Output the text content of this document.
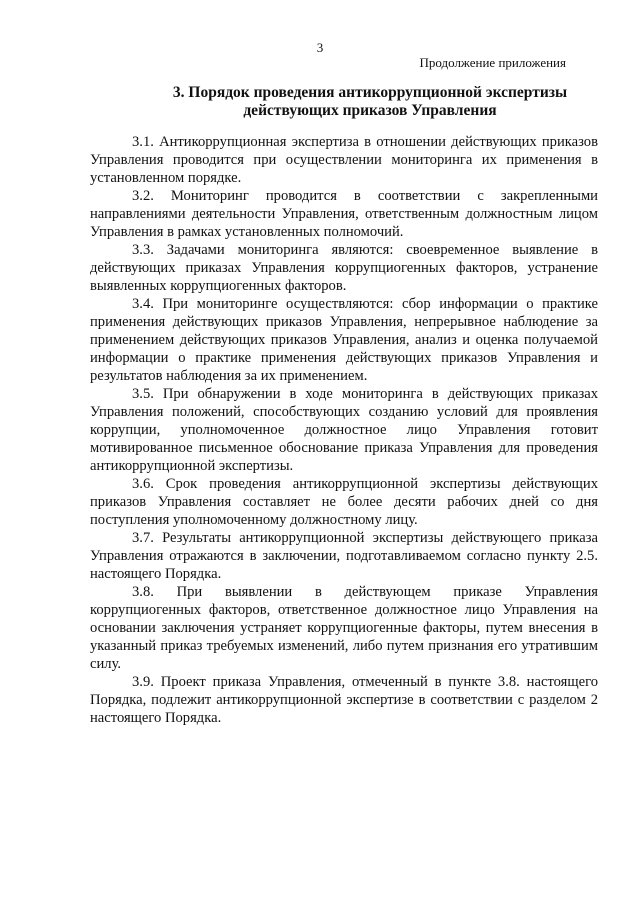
3
Продолжение приложения
3. Порядок проведения антикоррупционной экспертизы
действующих приказов Управления

3.1. Антикоррупционная экспертиза в отношении действующих приказов Управления проводится при осуществлении мониторинга их применения в установленном порядке.

3.2. Мониторинг проводится в соответствии с закрепленными направлениями деятельности Управления, ответственным должностным лицом Управления в рамках установленных полномочий.

3.3. Задачами мониторинга являются: своевременное выявление в действующих приказах Управления коррупциогенных факторов, устранение выявленных коррупциогенных факторов.

3.4. При мониторинге осуществляются: сбор информации о практике применения действующих приказов Управления, непрерывное наблюдение за применением действующих приказов Управления, анализ и оценка получаемой информации о практике применения действующих приказов Управления и результатов наблюдения за их применением.

3.5. При обнаружении в ходе мониторинга в действующих приказах Управления положений, способствующих созданию условий для проявления коррупции, уполномоченное должностное лицо Управления готовит мотивированное письменное обоснование приказа Управления для проведения антикоррупционной экспертизы.

3.6. Срок проведения антикоррупционной экспертизы действующих приказов Управления составляет не более десяти рабочих дней со дня поступления уполномоченному должностному лицу.

3.7. Результаты антикоррупционной экспертизы действующего приказа Управления отражаются в заключении, подготавливаемом согласно пункту 2.5. настоящего Порядка.

3.8. При выявлении в действующем приказе Управления коррупциогенных факторов, ответственное должностное лицо Управления на основании заключения устраняет коррупциогенные факторы, путем внесения в указанный приказ требуемых изменений, либо путем признания его утратившим силу.

3.9. Проект приказа Управления, отмеченный в пункте 3.8. настоящего Порядка, подлежит антикоррупционной экспертизе в соответствии с разделом 2 настоящего Порядка.
